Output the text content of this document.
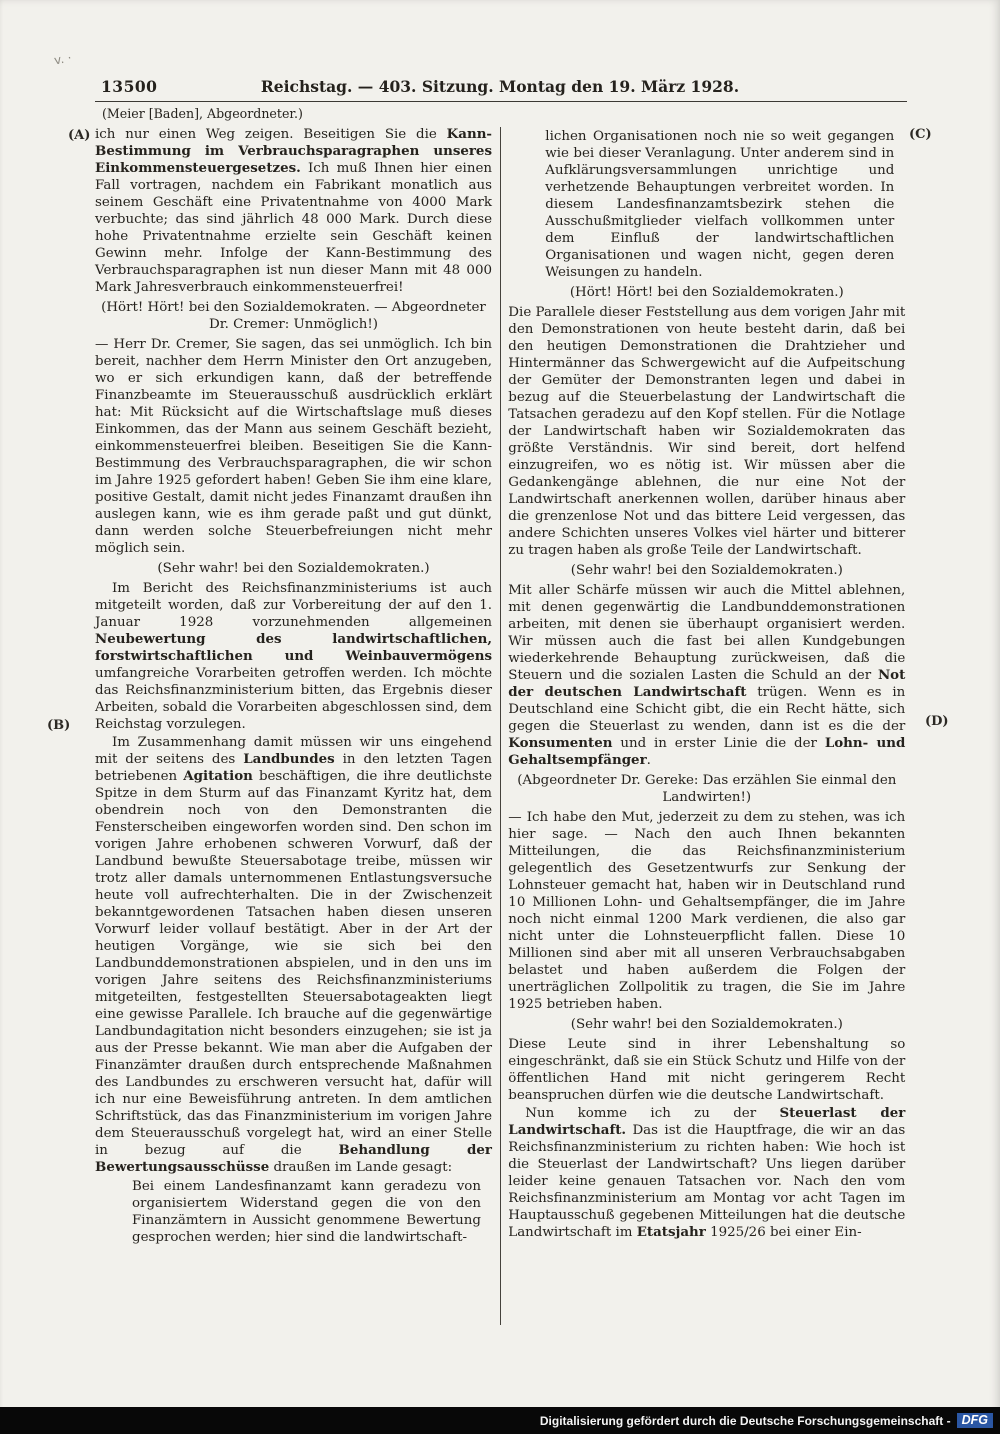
v. ·
13500	Reichstag. — 403. Sitzung. Montag den 19. März 1928.
(Meier [Baden], Abgeordneter.)
(A)
(B)
(C)
(D)

ich nur einen Weg zeigen. Beseitigen Sie die Kann-Bestimmung im Verbrauchsparagraphen unseres Einkommensteuergesetzes. Ich muß Ihnen hier einen Fall vortragen, nachdem ein Fabrikant monatlich aus seinem Geschäft eine Privatentnahme von 4000 Mark verbuchte; das sind jährlich 48 000 Mark. Durch diese hohe Privatentnahme erzielte sein Geschäft keinen Gewinn mehr. Infolge der Kann-Bestimmung des Verbrauchsparagraphen ist nun dieser Mann mit 48 000 Mark Jahresverbrauch einkommensteuerfrei!

(Hört! Hört! bei den Sozialdemokraten. — Abgeordneter Dr. Cremer: Unmöglich!)

— Herr Dr. Cremer, Sie sagen, das sei unmöglich. Ich bin bereit, nachher dem Herrn Minister den Ort anzugeben, wo er sich erkundigen kann, daß der betreffende Finanzbeamte im Steuerausschuß ausdrücklich erklärt hat: Mit Rücksicht auf die Wirtschaftslage muß dieses Einkommen, das der Mann aus seinem Geschäft bezieht, einkommensteuerfrei bleiben. Beseitigen Sie die Kann-Bestimmung des Verbrauchsparagraphen, die wir schon im Jahre 1925 gefordert haben! Geben Sie ihm eine klare, positive Gestalt, damit nicht jedes Finanzamt draußen ihn auslegen kann, wie es ihm gerade paßt und gut dünkt, dann werden solche Steuerbefreiungen nicht mehr möglich sein.

(Sehr wahr! bei den Sozialdemokraten.)

Im Bericht des Reichsfinanzministeriums ist auch mitgeteilt worden, daß zur Vorbereitung der auf den 1. Januar 1928 vorzunehmenden allgemeinen Neubewertung des landwirtschaftlichen, forstwirtschaftlichen und Weinbauvermögens umfangreiche Vorarbeiten getroffen werden. Ich möchte das Reichsfinanzministerium bitten, das Ergebnis dieser Arbeiten, sobald die Vorarbeiten abgeschlossen sind, dem Reichstag vorzulegen.

Im Zusammenhang damit müssen wir uns eingehend mit der seitens des Landbundes in den letzten Tagen betriebenen Agitation beschäftigen, die ihre deutlichste Spitze in dem Sturm auf das Finanzamt Kyritz hat, dem obendrein noch von den Demonstranten die Fensterscheiben eingeworfen worden sind. Den schon im vorigen Jahre erhobenen schweren Vorwurf, daß der Landbund bewußte Steuersabotage treibe, müssen wir trotz aller damals unternommenen Entlastungsversuche heute voll aufrechterhalten. Die in der Zwischenzeit bekanntgewordenen Tatsachen haben diesen unseren Vorwurf leider vollauf bestätigt. Aber in der Art der heutigen Vorgänge, wie sie sich bei den Landbunddemonstrationen abspielen, und in den uns im vorigen Jahre seitens des Reichsfinanzministeriums mitgeteilten, festgestellten Steuersabotageakten liegt eine gewisse Parallele. Ich brauche auf die gegenwärtige Landbundagitation nicht besonders einzugehen; sie ist ja aus der Presse bekannt. Wie man aber die Aufgaben der Finanzämter draußen durch entsprechende Maßnahmen des Landbundes zu erschweren versucht hat, dafür will ich nur eine Beweisführung antreten. In dem amtlichen Schriftstück, das das Finanzministerium im vorigen Jahre dem Steuerausschuß vorgelegt hat, wird an einer Stelle in bezug auf die Behandlung der Bewertungsausschüsse draußen im Lande gesagt:

Bei einem Landesfinanzamt kann geradezu von organisiertem Widerstand gegen die von den Finanzämtern in Aussicht genommene Bewertung gesprochen werden; hier sind die landwirtschaft-

lichen Organisationen noch nie so weit gegangen wie bei dieser Veranlagung. Unter anderem sind in Aufklärungsversammlungen unrichtige und verhetzende Behauptungen verbreitet worden. In diesem Landesfinanzamtsbezirk stehen die Ausschußmitglieder vielfach vollkommen unter dem Einfluß der landwirtschaftlichen Organisationen und wagen nicht, gegen deren Weisungen zu handeln.

(Hört! Hört! bei den Sozialdemokraten.)

Die Parallele dieser Feststellung aus dem vorigen Jahr mit den Demonstrationen von heute besteht darin, daß bei den heutigen Demonstrationen die Drahtzieher und Hintermänner das Schwergewicht auf die Aufpeitschung der Gemüter der Demonstranten legen und dabei in bezug auf die Steuerbelastung der Landwirtschaft die Tatsachen geradezu auf den Kopf stellen. Für die Notlage der Landwirtschaft haben wir Sozialdemokraten das größte Verständnis. Wir sind bereit, dort helfend einzugreifen, wo es nötig ist. Wir müssen aber die Gedankengänge ablehnen, die nur eine Not der Landwirtschaft anerkennen wollen, darüber hinaus aber die grenzenlose Not und das bittere Leid vergessen, das andere Schichten unseres Volkes viel härter und bitterer zu tragen haben als große Teile der Landwirtschaft.

(Sehr wahr! bei den Sozialdemokraten.)

Mit aller Schärfe müssen wir auch die Mittel ablehnen, mit denen gegenwärtig die Landbunddemonstrationen arbeiten, mit denen sie überhaupt organisiert werden. Wir müssen auch die fast bei allen Kundgebungen wiederkehrende Behauptung zurückweisen, daß die Steuern und die sozialen Lasten die Schuld an der Not der deutschen Landwirtschaft trügen. Wenn es in Deutschland eine Schicht gibt, die ein Recht hätte, sich gegen die Steuerlast zu wenden, dann ist es die der Konsumenten und in erster Linie die der Lohn- und Gehaltsempfänger.

(Abgeordneter Dr. Gereke: Das erzählen Sie einmal den Landwirten!)

— Ich habe den Mut, jederzeit zu dem zu stehen, was ich hier sage. — Nach den auch Ihnen bekannten Mitteilungen, die das Reichsfinanzministerium gelegentlich des Gesetzentwurfs zur Senkung der Lohnsteuer gemacht hat, haben wir in Deutschland rund 10 Millionen Lohn- und Gehaltsempfänger, die im Jahre noch nicht einmal 1200 Mark verdienen, die also gar nicht unter die Lohnsteuerpflicht fallen. Diese 10 Millionen sind aber mit all unseren Verbrauchsabgaben belastet und haben außerdem die Folgen der unerträglichen Zollpolitik zu tragen, die Sie im Jahre 1925 betrieben haben.

(Sehr wahr! bei den Sozialdemokraten.)

Diese Leute sind in ihrer Lebenshaltung so eingeschränkt, daß sie ein Stück Schutz und Hilfe von der öffentlichen Hand mit nicht geringerem Recht beanspruchen dürfen wie die deutsche Landwirtschaft.

Nun komme ich zu der Steuerlast der Landwirtschaft. Das ist die Hauptfrage, die wir an das Reichsfinanzministerium zu richten haben: Wie hoch ist die Steuerlast der Landwirtschaft? Uns liegen darüber leider keine genauen Tatsachen vor. Nach den vom Reichsfinanzministerium am Montag vor acht Tagen im Hauptausschuß gegebenen Mitteilungen hat die deutsche Landwirtschaft im Etatsjahr 1925/26 bei einer Ein-

Digitalisierung gefördert durch die Deutsche Forschungsgemeinschaft - DFG
